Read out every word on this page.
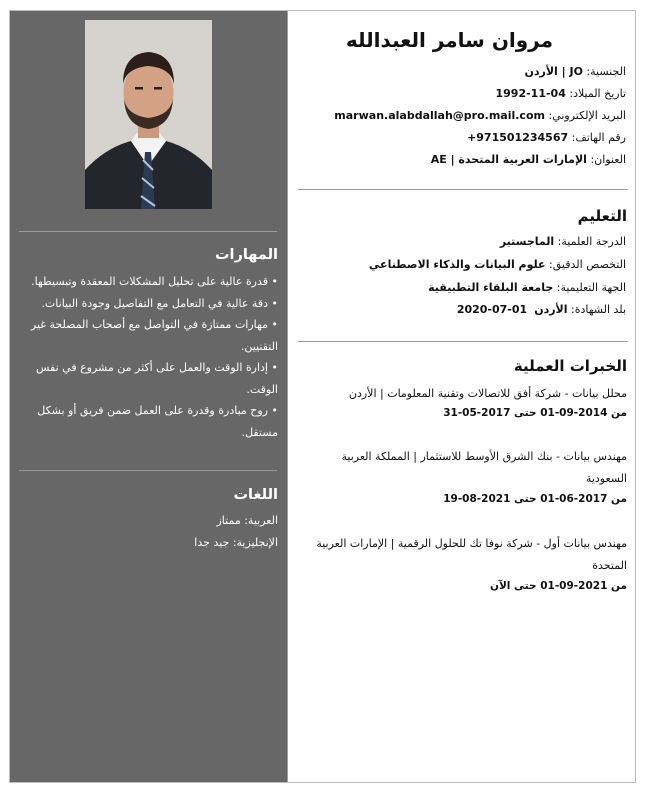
المهارات
• قدرة عالية على تحليل المشكلات المعقدة وتبسيطها.
• دقة عالية في التعامل مع التفاصيل وجودة البيانات.
• مهارات ممتازة في التواصل مع أصحاب المصلحة غير التقنيين.
• إدارة الوقت والعمل على أكثر من مشروع في نفس الوقت.
• روح مبادرة وقدرة على العمل ضمن فريق أو بشكل مستقل.
اللغات
العربية: ممتاز
الإنجليزية: جيد جدا
مروان سامر العبدالله
الجنسية: الأردن | JO
تاريخ الميلاد: 1992-11-04
البريد الإلكتروني: marwan.alabdallah@pro.mail.com
رقم الهاتف: +971501234567
العنوان: الإمارات العربية المتحدة | AE
التعليم
الدرجة العلمية: الماجستير
التخصص الدقيق: علوم البيانات والذكاء الاصطناعي
الجهة التعليمية: جامعة البلقاء التطبيقية
بلد الشهادة: الأردن  2020-07-01
الخبرات العملية
محلل بيانات - شركة أفق للاتصالات وتقنية المعلومات | الأردن
من 2014-09-01 حتى 2017-05-31
مهندس بيانات - بنك الشرق الأوسط للاستثمار | المملكة العربية السعودية
من 2017-06-01 حتى 2021-08-19
مهندس بيانات أول - شركة نوفا تك للحلول الرقمية | الإمارات العربية المتحدة
من 2021-09-01 حتى الآن
